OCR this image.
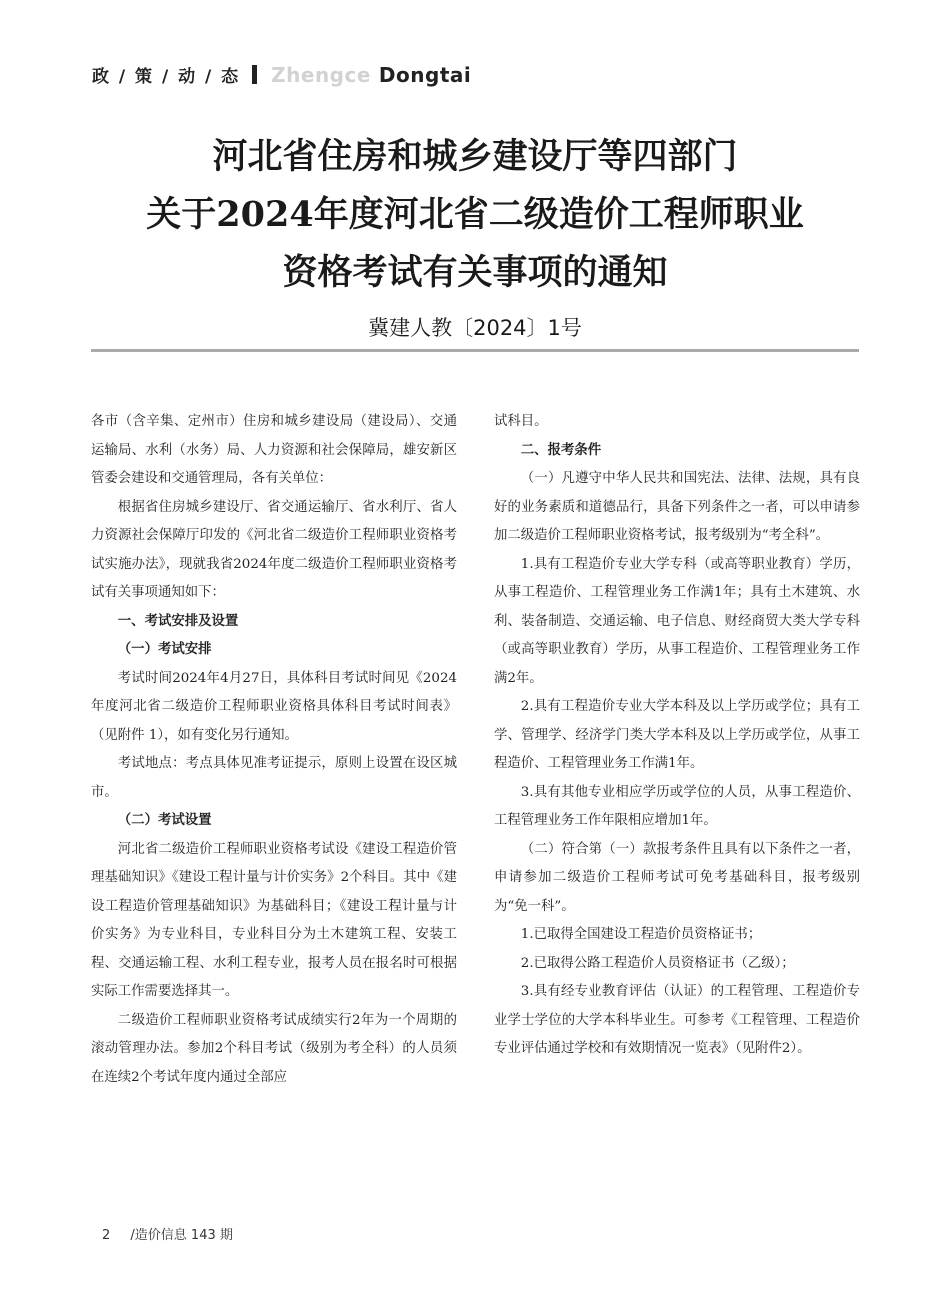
政 / 策 / 动 / 态 Zhengce Dongtai
河北省住房和城乡建设厅等四部门
关于2024年度河北省二级造价工程师职业
资格考试有关事项的通知
冀建人教〔2024〕1号

各市（含辛集、定州市）住房和城乡建设局（建设局）、交通运输局、水利（水务）局、人力资源和社会保障局，雄安新区管委会建设和交通管理局，各有关单位：

根据省住房城乡建设厅、省交通运输厅、省水利厅、省人力资源社会保障厅印发的《河北省二级造价工程师职业资格考试实施办法》，现就我省2024年度二级造价工程师职业资格考试有关事项通知如下：

一、考试安排及设置

（一）考试安排

考试时间2024年4月27日，具体科目考试时间见《2024年度河北省二级造价工程师职业资格具体科目考试时间表》（见附件 1），如有变化另行通知。

考试地点：考点具体见准考证提示，原则上设置在设区城市。

（二）考试设置

河北省二级造价工程师职业资格考试设《建设工程造价管理基础知识》《建设工程计量与计价实务》2个科目。其中《建设工程造价管理基础知识》为基础科目；《建设工程计量与计价实务》为专业科目，专业科目分为土木建筑工程、安装工程、交通运输工程、水利工程专业，报考人员在报名时可根据实际工作需要选择其一。

二级造价工程师职业资格考试成绩实行2年为一个周期的滚动管理办法。参加2个科目考试（级别为考全科）的人员须在连续2个考试年度内通过全部应

试科目。

二、报考条件

（一）凡遵守中华人民共和国宪法、法律、法规，具有良好的业务素质和道德品行，具备下列条件之一者，可以申请参加二级造价工程师职业资格考试，报考级别为“考全科”。

1.具有工程造价专业大学专科（或高等职业教育）学历，从事工程造价、工程管理业务工作满1年；具有土木建筑、水利、装备制造、交通运输、电子信息、财经商贸大类大学专科（或高等职业教育）学历，从事工程造价、工程管理业务工作满2年。

2.具有工程造价专业大学本科及以上学历或学位；具有工学、管理学、经济学门类大学本科及以上学历或学位，从事工程造价、工程管理业务工作满1年。

3.具有其他专业相应学历或学位的人员，从事工程造价、工程管理业务工作年限相应增加1年。

（二）符合第（一）款报考条件且具有以下条件之一者，申请参加二级造价工程师考试可免考基础科目，报考级别为“免一科”。

1.已取得全国建设工程造价员资格证书；

2.已取得公路工程造价人员资格证书（乙级）；

3.具有经专业教育评估（认证）的工程管理、工程造价专业学士学位的大学本科毕业生。可参考《工程管理、工程造价专业评估通过学校和有效期情况一览表》（见附件2）。

2 /造价信息 143 期
